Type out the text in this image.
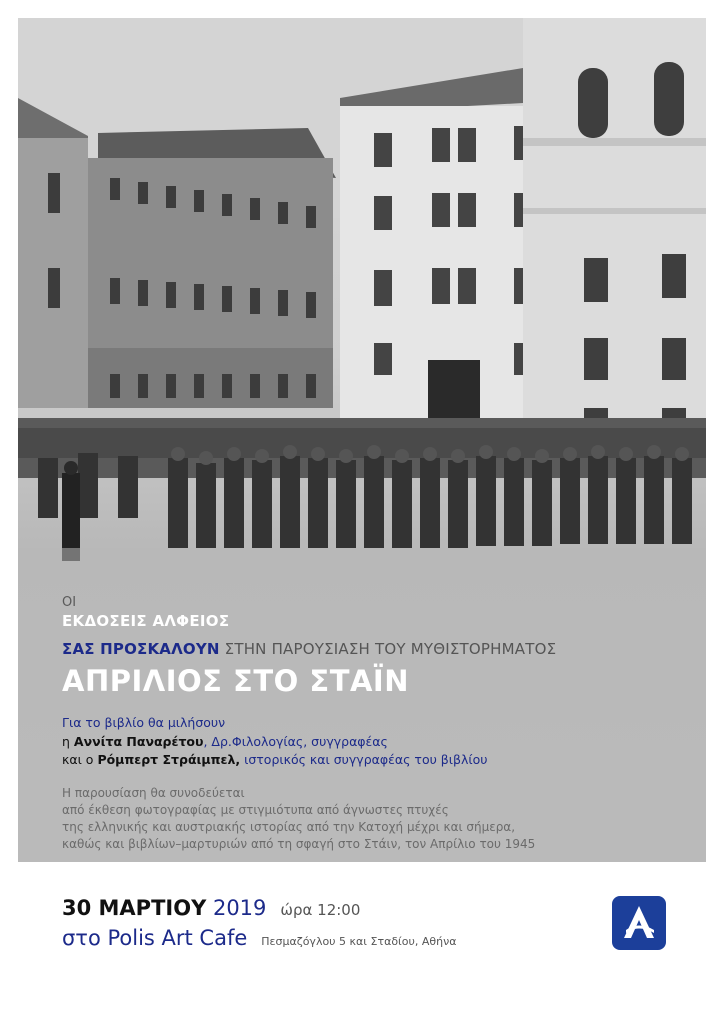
ΟΙ
ΕΚΔΟΣΕΙΣ ΑΛΦΕΙΟΣ
ΣΑΣ ΠΡΟΣΚΑΛΟΥΝ ΣΤΗΝ ΠΑΡΟΥΣΙΑΣΗ ΤΟΥ ΜΥΘΙΣΤΟΡΗΜΑΤΟΣ
ΑΠΡΙΛΙΟΣ ΣΤΟ ΣΤΑΪΝ
Για το βιβλίο θα μιλήσουν
η Αννίτα Παναρέτου, Δρ.Φιλολογίας, συγγραφέας
και ο Ρόμπερτ Στράιμπελ, ιστορικός και συγγραφέας του βιβλίου
Η παρουσίαση θα συνοδεύεται
από έκθεση φωτογραφίας με στιγμιότυπα από άγνωστες πτυχές
της ελληνικής και αυστριακής ιστορίας από την Κατοχή μέχρι και σήμερα,
καθώς και βιβλίων–μαρτυριών από τη σφαγή στο Στάιν, τον Απρίλιο του 1945
30 ΜΑΡΤΙΟΥ 2019 ώρα 12:00
στο Polis Art Cafe Πεσμαζόγλου 5 και Σταδίου, Αθήνα
